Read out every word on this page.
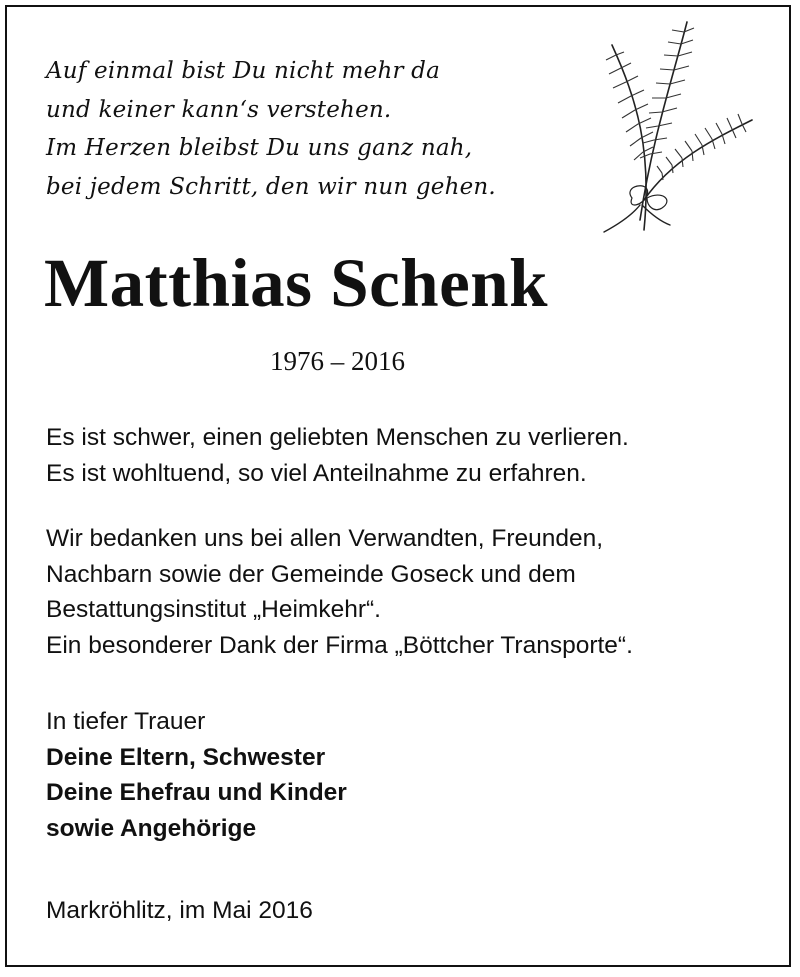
Auf einmal bist Du nicht mehr da
und keiner kann‘s verstehen.
Im Herzen bleibst Du uns ganz nah,
bei jedem Schritt, den wir nun gehen.
Matthias Schenk
1976 – 2016
Es ist schwer, einen geliebten Menschen zu verlieren.
Es ist wohltuend, so viel Anteilnahme zu erfahren.
Wir bedanken uns bei allen Verwandten, Freunden,
Nachbarn sowie der Gemeinde Goseck und dem
Bestattungsinstitut „Heimkehr“.
Ein besonderer Dank der Firma „Böttcher Transporte“.
In tiefer Trauer
Deine Eltern, Schwester
Deine Ehefrau und Kinder
sowie Angehörige
Markröhlitz, im Mai 2016
